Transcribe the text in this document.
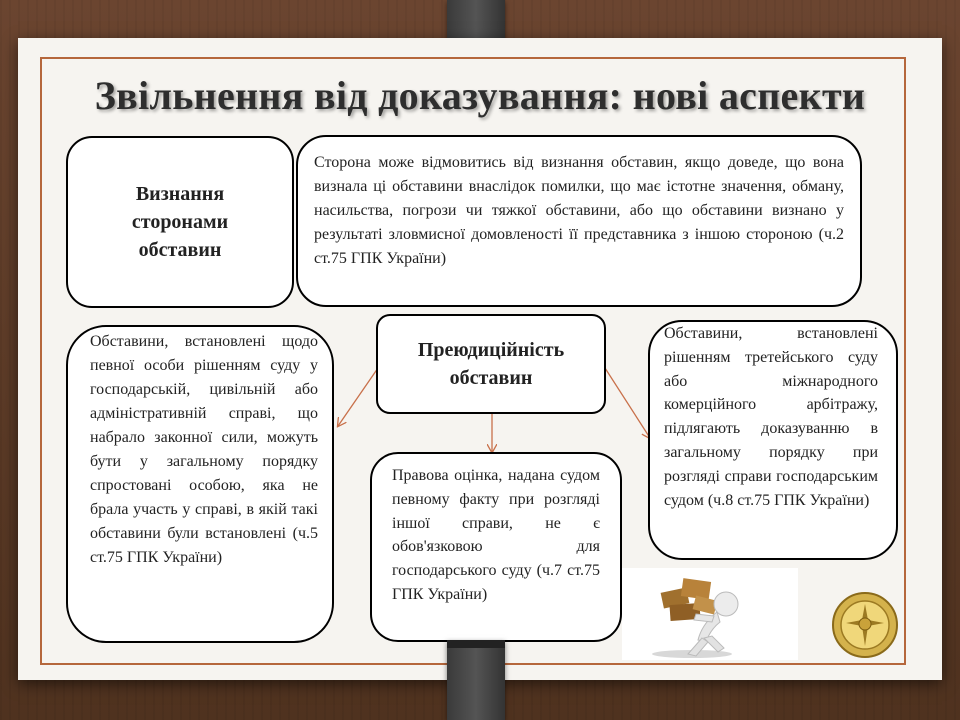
Звільнення від доказування: нові аспекти
Визнання сторонами обставин
Сторона може відмовитись від визнання обставин, якщо доведе, що вона визнала ці обставини внаслідок помилки, що має істотне значення, обману, насильства, погрози чи тяжкої обставини, або що обставини визнано у результаті зловмисної домовленості її представника з іншою стороною (ч.2 ст.75 ГПК України)
Преюдиційність обставин
Обставини, встановлені щодо певної особи рішенням суду у господарській, цивільній або адміністративній справі, що набрало законної сили, можуть бути у загальному порядку спростовані особою, яка не брала участь у справі, в якій такі обставини були встановлені (ч.5 ст.75 ГПК України)
Правова оцінка, надана судом певному факту при розгляді іншої справи, не є обов'язковою для господарського суду (ч.7 ст.75 ГПК України)
Обставини, встановлені рішенням третейського суду або міжнародного комерційного арбітражу, підлягають доказуванню в загальному порядку при розгляді справи господарським судом (ч.8 ст.75 ГПК України)
